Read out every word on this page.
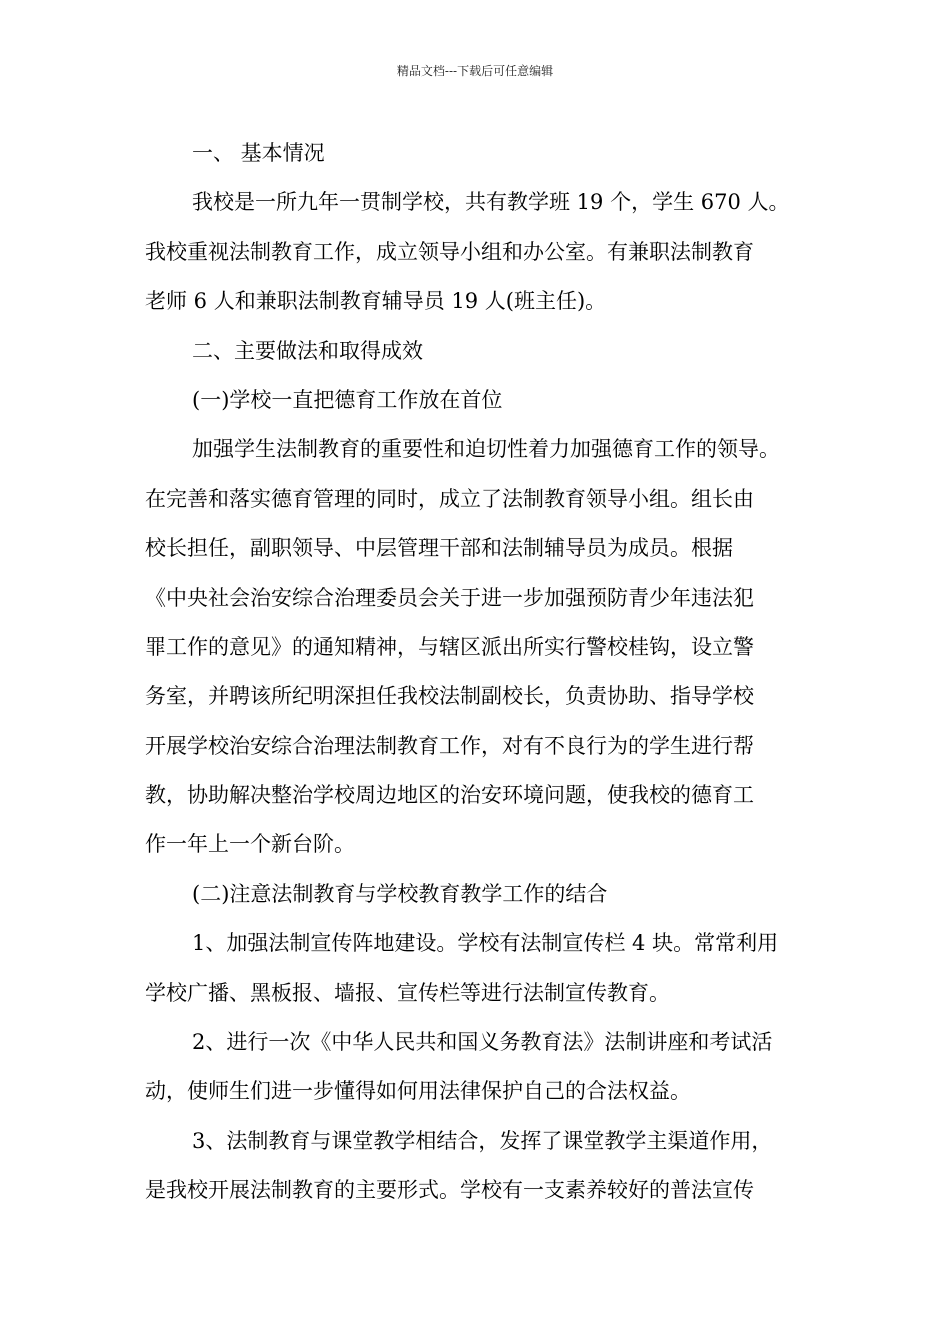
精品文档---下载后可任意编辑
一、 基本情况
我校是一所九年一贯制学校，共有教学班 19 个，学生 670 人。
我校重视法制教育工作，成立领导小组和办公室。有兼职法制教育
老师 6 人和兼职法制教育辅导员 19 人(班主任)。
二、主要做法和取得成效
(一)学校一直把德育工作放在首位
加强学生法制教育的重要性和迫切性着力加强德育工作的领导。
在完善和落实德育管理的同时，成立了法制教育领导小组。组长由
校长担任，副职领导、中层管理干部和法制辅导员为成员。根据
《中央社会治安综合治理委员会关于进一步加强预防青少年违法犯
罪工作的意见》的通知精神，与辖区派出所实行警校桂钩，设立警
务室，并聘该所纪明深担任我校法制副校长，负责协助、指导学校
开展学校治安综合治理法制教育工作，对有不良行为的学生进行帮
教，协助解决整治学校周边地区的治安环境问题，使我校的德育工
作一年上一个新台阶。
(二)注意法制教育与学校教育教学工作的结合
1、加强法制宣传阵地建设。学校有法制宣传栏 4 块。常常利用
学校广播、黑板报、墙报、宣传栏等进行法制宣传教育。
2、进行一次《中华人民共和国义务教育法》法制讲座和考试活
动，使师生们进一步懂得如何用法律保护自己的合法权益。
3、法制教育与课堂教学相结合，发挥了课堂教学主渠道作用，
是我校开展法制教育的主要形式。学校有一支素养较好的普法宣传
